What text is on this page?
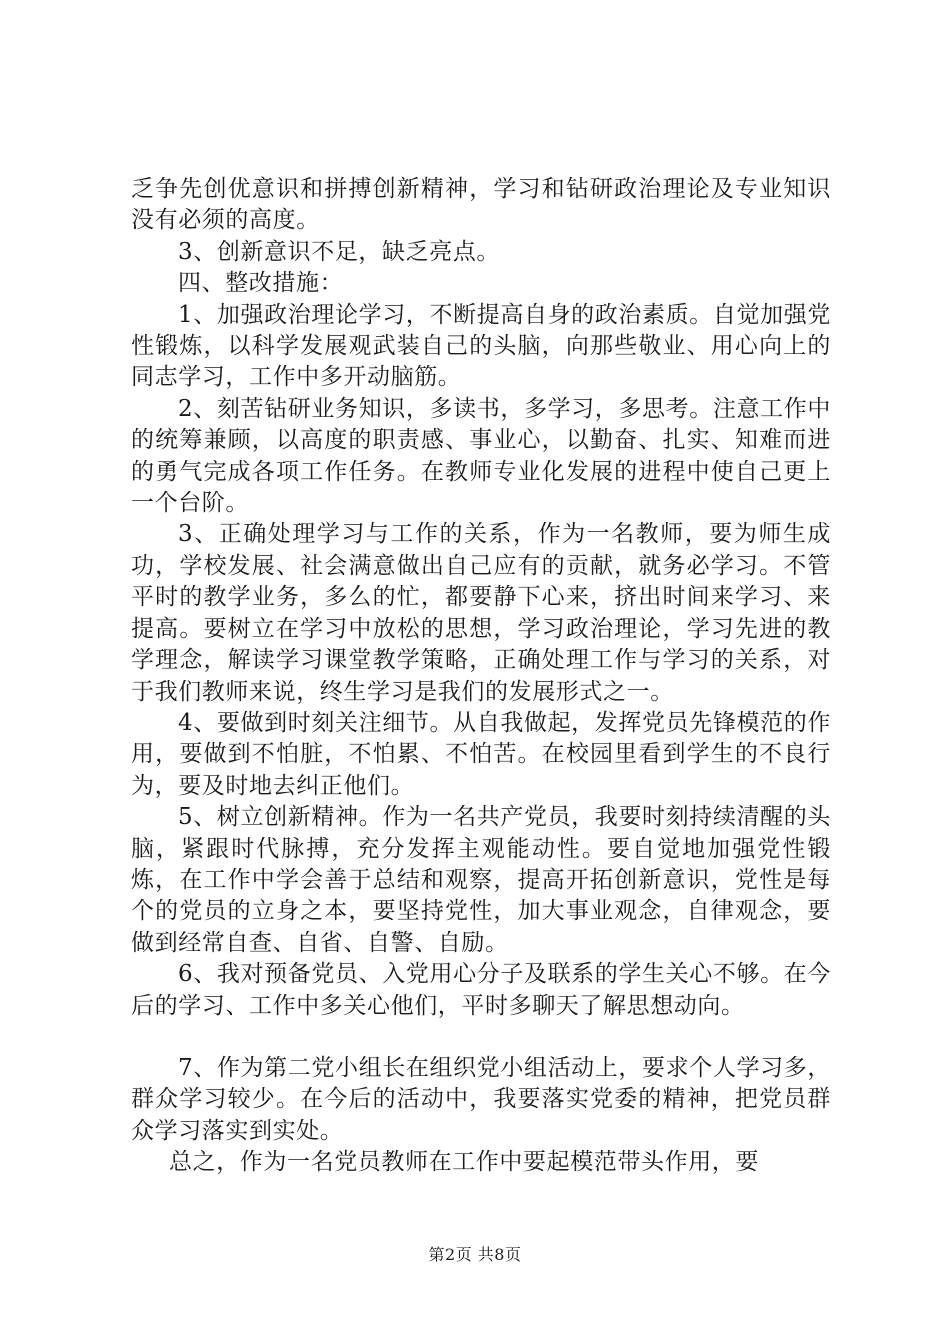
乏争先创优意识和拼搏创新精神，学习和钻研政治理论及专业知识没有必须的高度。

3、创新意识不足，缺乏亮点。

四、整改措施：

1、加强政治理论学习，不断提高自身的政治素质。自觉加强党性锻炼，以科学发展观武装自己的头脑，向那些敬业、用心向上的同志学习，工作中多开动脑筋。

2、刻苦钻研业务知识，多读书，多学习，多思考。注意工作中的统筹兼顾，以高度的职责感、事业心，以勤奋、扎实、知难而进的勇气完成各项工作任务。在教师专业化发展的进程中使自己更上一个台阶。

3、正确处理学习与工作的关系，作为一名教师，要为师生成功，学校发展、社会满意做出自己应有的贡献，就务必学习。不管平时的教学业务，多么的忙，都要静下心来，挤出时间来学习、来提高。要树立在学习中放松的思想，学习政治理论，学习先进的教学理念，解读学习课堂教学策略，正确处理工作与学习的关系，对于我们教师来说，终生学习是我们的发展形式之一。

4、要做到时刻关注细节。从自我做起，发挥党员先锋模范的作用，要做到不怕脏，不怕累、不怕苦。在校园里看到学生的不良行为，要及时地去纠正他们。

5、树立创新精神。作为一名共产党员，我要时刻持续清醒的头脑，紧跟时代脉搏，充分发挥主观能动性。要自觉地加强党性锻炼，在工作中学会善于总结和观察，提高开拓创新意识，党性是每个的党员的立身之本，要坚持党性，加大事业观念，自律观念，要做到经常自查、自省、自警、自励。

6、我对预备党员、入党用心分子及联系的学生关心不够。在今后的学习、工作中多关心他们，平时多聊天了解思想动向。

7、作为第二党小组长在组织党小组活动上，要求个人学习多，群众学习较少。在今后的活动中，我要落实党委的精神，把党员群众学习落实到实处。

总之，作为一名党员教师在工作中要起模范带头作用，要

第2页 共8页
